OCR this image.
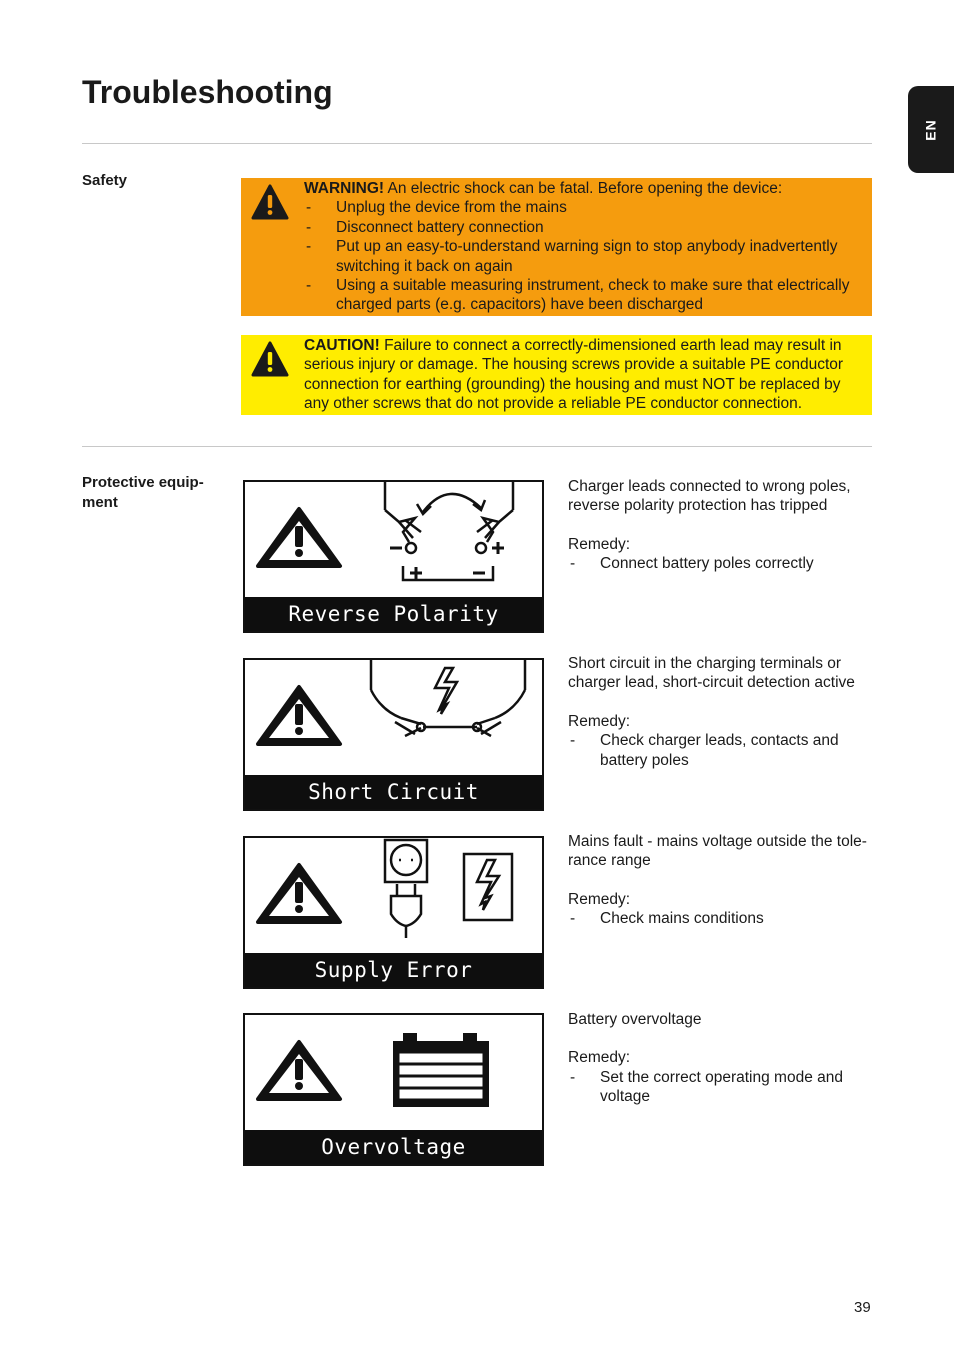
Troubleshooting
EN
Safety	WARNING! An electric shock can be fatal. Before opening the device:
- Unplug the device from the mains
- Disconnect battery connection
- Put up an easy-to-understand warning sign to stop anybody inadvertently switching it back on again
- Using a suitable measuring instrument, check to make sure that electrically charged parts (e.g. capacitors) have been discharged
CAUTION! Failure to connect a correctly-dimensioned earth lead may result in serious injury or damage. The housing screws provide a suitable PE conductor connection for earthing (grounding) the housing and must NOT be replaced by any other screws that do not provide a reliable PE conductor connection.
Protective equip-
ment
Reverse Polarity

Charger leads connected to wrong poles, reverse polarity protection has tripped

Remedy:

- Connect battery poles correctly
Short Circuit

Short circuit in the charging terminals or charger lead, short-circuit detection active

Remedy:

- Check charger leads, contacts and battery poles
Supply Error

Mains fault - mains voltage outside the tole-rance range

Remedy:

- Check mains conditions
Overvoltage

Battery overvoltage

Remedy:

- Set the correct operating mode and voltage
39
